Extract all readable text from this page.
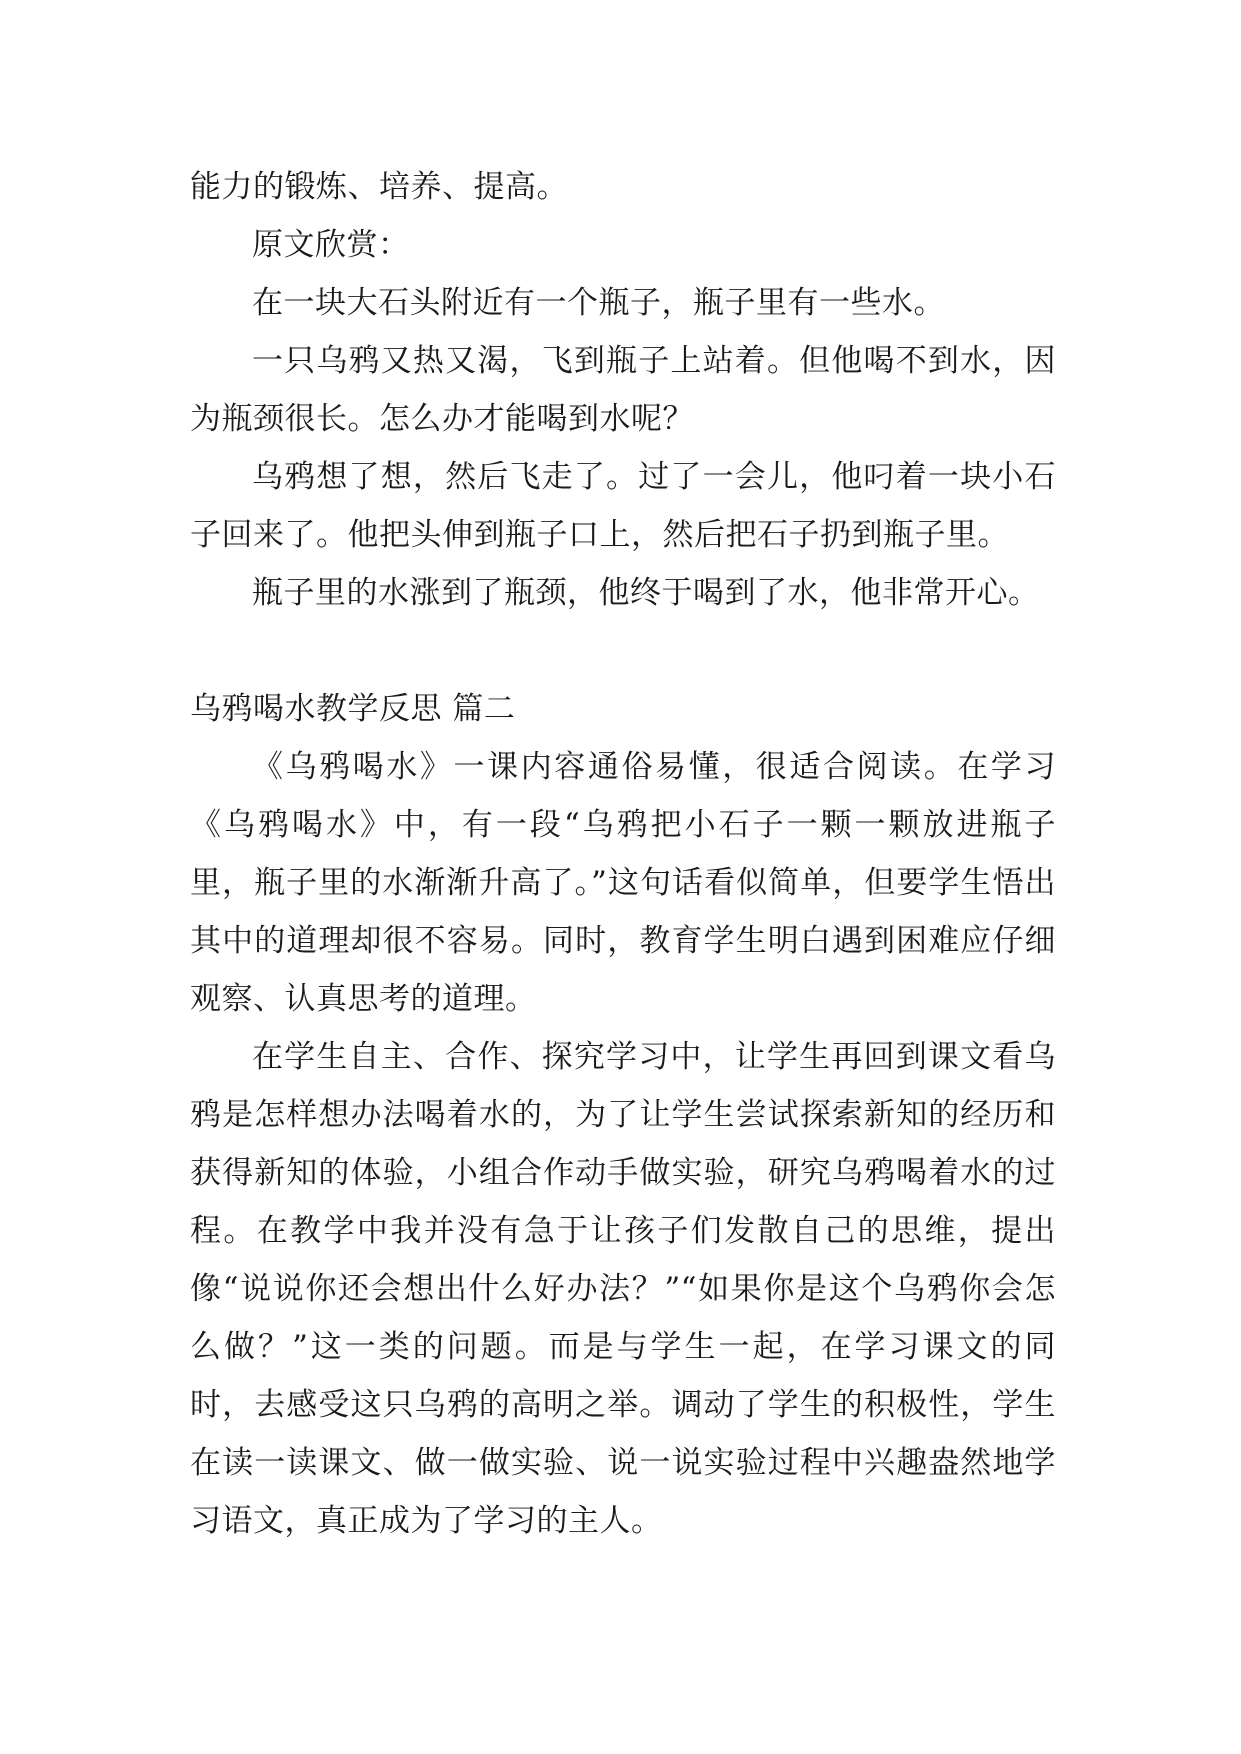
能力的锻炼、培养、提高。

原文欣赏：

在一块大石头附近有一个瓶子，瓶子里有一些水。

一只乌鸦又热又渴，飞到瓶子上站着。但他喝不到水，因为瓶颈很长。怎么办才能喝到水呢？

乌鸦想了想，然后飞走了。过了一会儿，他叼着一块小石子回来了。他把头伸到瓶子口上，然后把石子扔到瓶子里。

瓶子里的水涨到了瓶颈，他终于喝到了水，他非常开心。

乌鸦喝水教学反思 篇二

《乌鸦喝水》一课内容通俗易懂，很适合阅读。在学习《乌鸦喝水》中，有一段“乌鸦把小石子一颗一颗放进瓶子里，瓶子里的水渐渐升高了。”这句话看似简单，但要学生悟出其中的道理却很不容易。同时，教育学生明白遇到困难应仔细观察、认真思考的道理。

在学生自主、合作、探究学习中，让学生再回到课文看乌鸦是怎样想办法喝着水的，为了让学生尝试探索新知的经历和获得新知的体验，小组合作动手做实验，研究乌鸦喝着水的过程。在教学中我并没有急于让孩子们发散自己的思维，提出像“说说你还会想出什么好办法？”“如果你是这个乌鸦你会怎么做？”这一类的问题。而是与学生一起，在学习课文的同时，去感受这只乌鸦的高明之举。调动了学生的积极性，学生在读一读课文、做一做实验、说一说实验过程中兴趣盎然地学习语文，真正成为了学习的主人。
